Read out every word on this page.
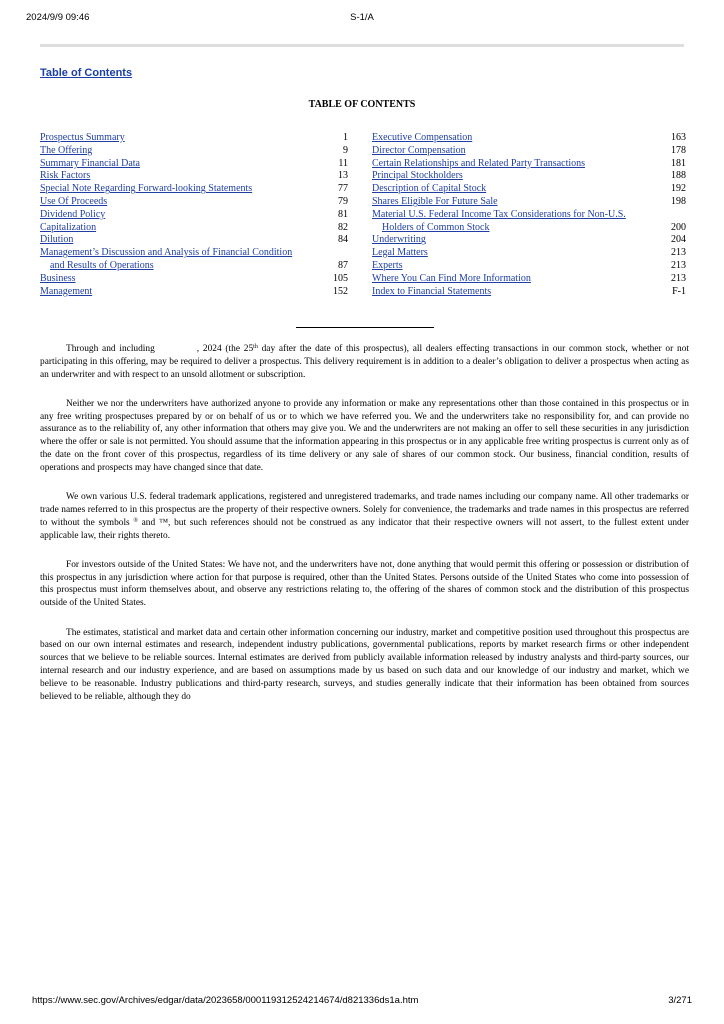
2024/9/9 09:46	S-1/A
Table of Contents
TABLE OF CONTENTS
Prospectus Summary	1
The Offering	9
Summary Financial Data	11
Risk Factors	13
Special Note Regarding Forward-looking Statements	77
Use Of Proceeds	79
Dividend Policy	81
Capitalization	82
Dilution	84
Management’s Discussion and Analysis of Financial Condition
and Results of Operations	87
Business	105
Management	152
Executive Compensation	163
Director Compensation	178
Certain Relationships and Related Party Transactions	181
Principal Stockholders	188
Description of Capital Stock	192
Shares Eligible For Future Sale	198
Material U.S. Federal Income Tax Considerations for Non-U.S.
Holders of Common Stock	200
Underwriting	204
Legal Matters	213
Experts	213
Where You Can Find More Information	213
Index to Financial Statements	F-1

Through and including	, 2024 (the 25th day after the date of this prospectus), all dealers effecting transactions in our common stock, whether or not participating in this offering, may be required to deliver a prospectus. This delivery requirement is in addition to a dealer’s obligation to deliver a prospectus when acting as an underwriter and with respect to an unsold allotment or subscription.

Neither we nor the underwriters have authorized anyone to provide any information or make any representations other than those contained in this prospectus or in any free writing prospectuses prepared by or on behalf of us or to which we have referred you. We and the underwriters take no responsibility for, and can provide no assurance as to the reliability of, any other information that others may give you. We and the underwriters are not making an offer to sell these securities in any jurisdiction where the offer or sale is not permitted. You should assume that the information appearing in this prospectus or in any applicable free writing prospectus is current only as of the date on the front cover of this prospectus, regardless of its time delivery or any sale of shares of our common stock. Our business, financial condition, results of operations and prospects may have changed since that date.

We own various U.S. federal trademark applications, registered and unregistered trademarks, and trade names including our company name. All other trademarks or trade names referred to in this prospectus are the property of their respective owners. Solely for convenience, the trademarks and trade names in this prospectus are referred to without the symbols ® and ™, but such references should not be construed as any indicator that their respective owners will not assert, to the fullest extent under applicable law, their rights thereto.

For investors outside of the United States: We have not, and the underwriters have not, done anything that would permit this offering or possession or distribution of this prospectus in any jurisdiction where action for that purpose is required, other than the United States. Persons outside of the United States who come into possession of this prospectus must inform themselves about, and observe any restrictions relating to, the offering of the shares of common stock and the distribution of this prospectus outside of the United States.

The estimates, statistical and market data and certain other information concerning our industry, market and competitive position used throughout this prospectus are based on our own internal estimates and research, independent industry publications, governmental publications, reports by market research firms or other independent sources that we believe to be reliable sources. Internal estimates are derived from publicly available information released by industry analysts and third-party sources, our internal research and our industry experience, and are based on assumptions made by us based on such data and our knowledge of our industry and market, which we believe to be reasonable. Industry publications and third-party research, surveys, and studies generally indicate that their information has been obtained from sources believed to be reliable, although they do

https://www.sec.gov/Archives/edgar/data/2023658/000119312524214674/d821336ds1a.htm	3/271
